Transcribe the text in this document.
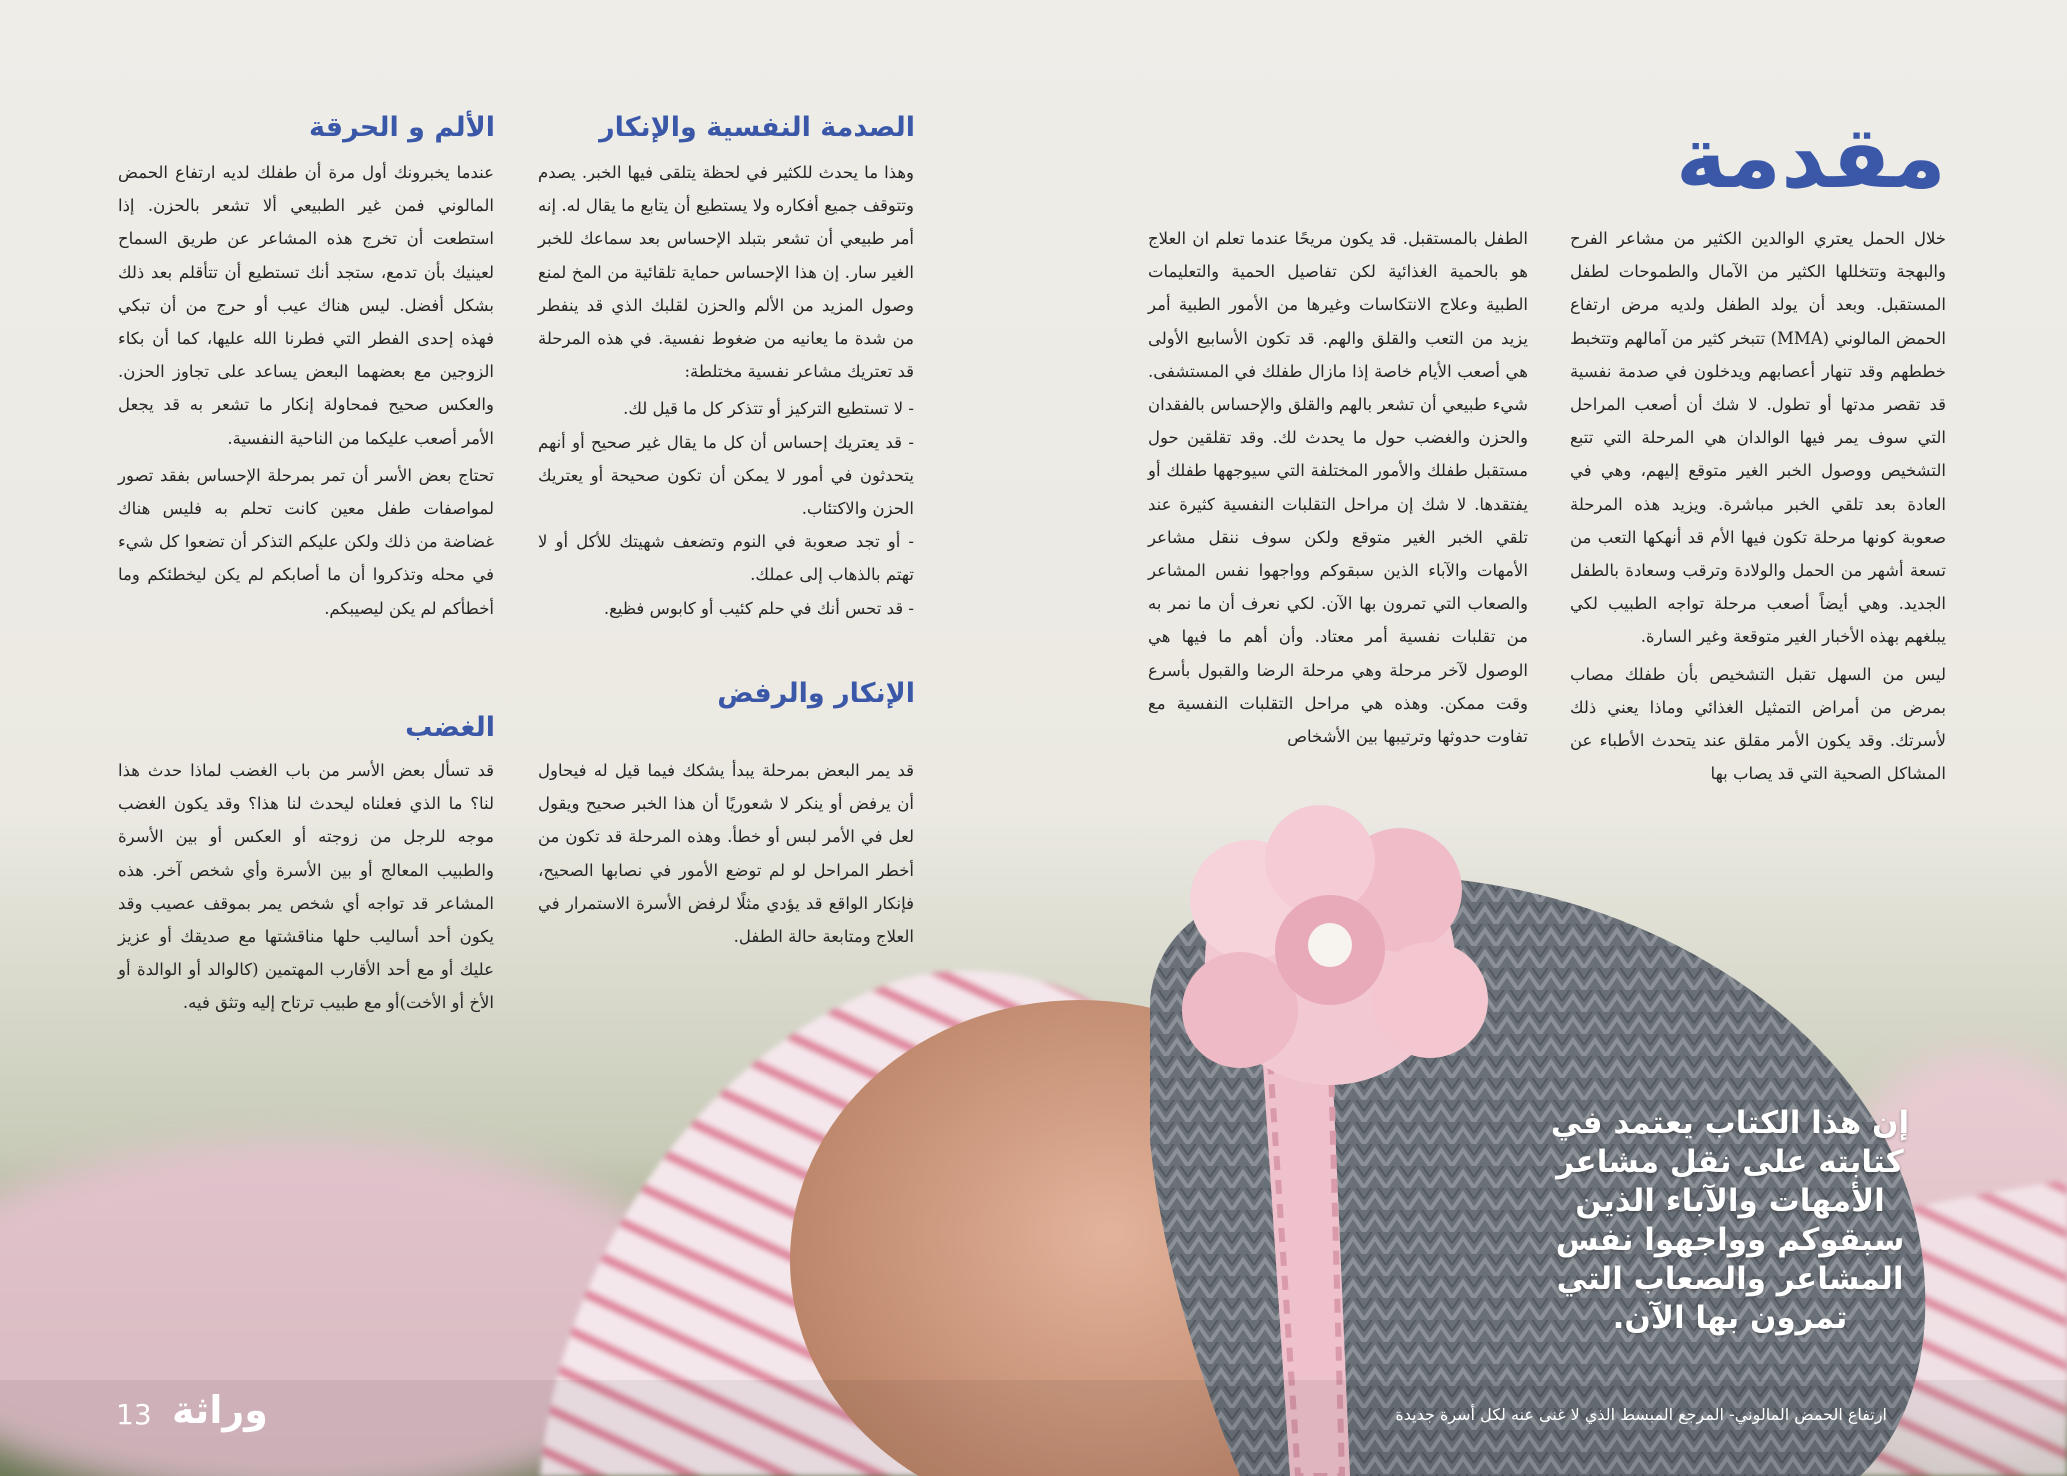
مقدمة

خلال الحمل يعتري الوالدين الكثير من مشاعر الفرح والبهجة وتتخللها الكثير من الآمال والطموحات لطفل المستقبل. وبعد أن يولد الطفل ولديه مرض ارتفاع الحمض المالوني (MMA) تتبخر كثير من آمالهم وتتخبط خططهم وقد تنهار أعصابهم ويدخلون في صدمة نفسية قد تقصر مدتها أو تطول. لا شك أن أصعب المراحل التي سوف يمر فيها الوالدان هي المرحلة التي تتبع التشخيص ووصول الخبر الغير متوقع إليهم، وهي في العادة بعد تلقي الخبر مباشرة. ويزيد هذه المرحلة صعوبة كونها مرحلة تكون فيها الأم قد أنهكها التعب من تسعة أشهر من الحمل والولادة وترقب وسعادة بالطفل الجديد. وهي أيضاً أصعب مرحلة تواجه الطبيب لكي يبلغهم بهذه الأخبار الغير متوقعة وغير السارة.

ليس من السهل تقبل التشخيص بأن طفلك مصاب بمرض من أمراض التمثيل الغذائي وماذا يعني ذلك لأسرتك. وقد يكون الأمر مقلق عند يتحدث الأطباء عن المشاكل الصحية التي قد يصاب بها

الطفل بالمستقبل. قد يكون مريحًا عندما تعلم ان العلاج هو بالحمية الغذائية لكن تفاصيل الحمية والتعليمات الطبية وعلاج الانتكاسات وغيرها من الأمور الطبية أمر يزيد من التعب والقلق والهم. قد تكون الأسابيع الأولى هي أصعب الأيام خاصة إذا مازال طفلك في المستشفى. شيء طبيعي أن تشعر بالهم والقلق والإحساس بالفقدان والحزن والغضب حول ما يحدث لك. وقد تقلقين حول مستقبل طفلك والأمور المختلفة التي سيوجهها طفلك أو يفتقدها. لا شك إن مراحل التقلبات النفسية كثيرة عند تلقي الخبر الغير متوقع ولكن سوف ننقل مشاعر الأمهات والآباء الذين سبقوكم وواجهوا نفس المشاعر والصعاب التي تمرون بها الآن. لكي نعرف أن ما نمر به من تقلبات نفسية أمر معتاد. وأن أهم ما فيها هي الوصول لآخر مرحلة وهي مرحلة الرضا والقبول بأسرع وقت ممكن. وهذه هي مراحل التقلبات النفسية مع تفاوت حدوثها وترتيبها بين الأشخاص

الصدمة النفسية والإنكار

وهذا ما يحدث للكثير في لحظة يتلقى فيها الخبر. يصدم وتتوقف جميع أفكاره ولا يستطيع أن يتابع ما يقال له. إنه أمر طبيعي أن تشعر بتبلد الإحساس بعد سماعك للخبر الغير سار. إن هذا الإحساس حماية تلقائية من المخ لمنع وصول المزيد من الألم والحزن لقلبك الذي قد ينفطر من شدة ما يعانيه من ضغوط نفسية. في هذه المرحلة قد تعتريك مشاعر نفسية مختلطة:

- لا تستطيع التركيز أو تتذكر كل ما قيل لك.
- قد يعتريك إحساس أن كل ما يقال غير صحيح أو أنهم يتحدثون في أمور لا يمكن أن تكون صحيحة أو يعتريك الحزن والاكتئاب.
- أو تجد صعوبة في النوم وتضعف شهيتك للأكل أو لا تهتم بالذهاب إلى عملك.
- قد تحس أنك في حلم كئيب أو كابوس فظيع.
الإنكار والرفض

قد يمر البعض بمرحلة يبدأ يشكك فيما قيل له فيحاول أن يرفض أو ينكر لا شعوريًا أن هذا الخبر صحيح ويقول لعل في الأمر لبس أو خطأ. وهذه المرحلة قد تكون من أخطر المراحل لو لم توضع الأمور في نصابها الصحيح، فإنكار الواقع قد يؤدي مثلًا لرفض الأسرة الاستمرار في العلاج ومتابعة حالة الطفل.

الألم و الحرقة

عندما يخبرونك أول مرة أن طفلك لديه ارتفاع الحمض المالوني فمن غير الطبيعي ألا تشعر بالحزن. إذا استطعت أن تخرج هذه المشاعر عن طريق السماح لعينيك بأن تدمع، ستجد أنك تستطيع أن تتأقلم بعد ذلك بشكل أفضل. ليس هناك عيب أو حرج من أن تبكي فهذه إحدى الفطر التي فطرنا الله عليها، كما أن بكاء الزوجين مع بعضهما البعض يساعد على تجاوز الحزن. والعكس صحيح فمحاولة إنكار ما تشعر به قد يجعل الأمر أصعب عليكما من الناحية النفسية.

تحتاج بعض الأسر أن تمر بمرحلة الإحساس بفقد تصور لمواصفات طفل معين كانت تحلم به فليس هناك غضاضة من ذلك ولكن عليكم التذكر أن تضعوا كل شيء في محله وتذكروا أن ما أصابكم لم يكن ليخطئكم وما أخطأكم لم يكن ليصيبكم.

الغضب

قد تسأل بعض الأسر من باب الغضب لماذا حدث هذا لنا؟ ما الذي فعلناه ليحدث لنا هذا؟ وقد يكون الغضب موجه للرجل من زوجته أو العكس أو بين الأسرة والطبيب المعالج أو بين الأسرة وأي شخص آخر. هذه المشاعر قد تواجه أي شخص يمر بموقف عصيب وقد يكون أحد أساليب حلها مناقشتها مع صديقك أو عزيز عليك أو مع أحد الأقارب المهتمين (كالوالد أو الوالدة أو الأخ أو الأخت)أو مع طبيب ترتاح إليه وتثق فيه.

إن هذا الكتاب يعتمد في كتابته على نقل مشاعر الأمهات والآباء الذين سبقوكم وواجهوا نفس المشاعر والصعاب التي تمرون بها الآن.
13 وراثة	ارتفاع الحمض المالوني- المرجع المبسط الذي لا غنى عنه لكل أسرة جديدة
